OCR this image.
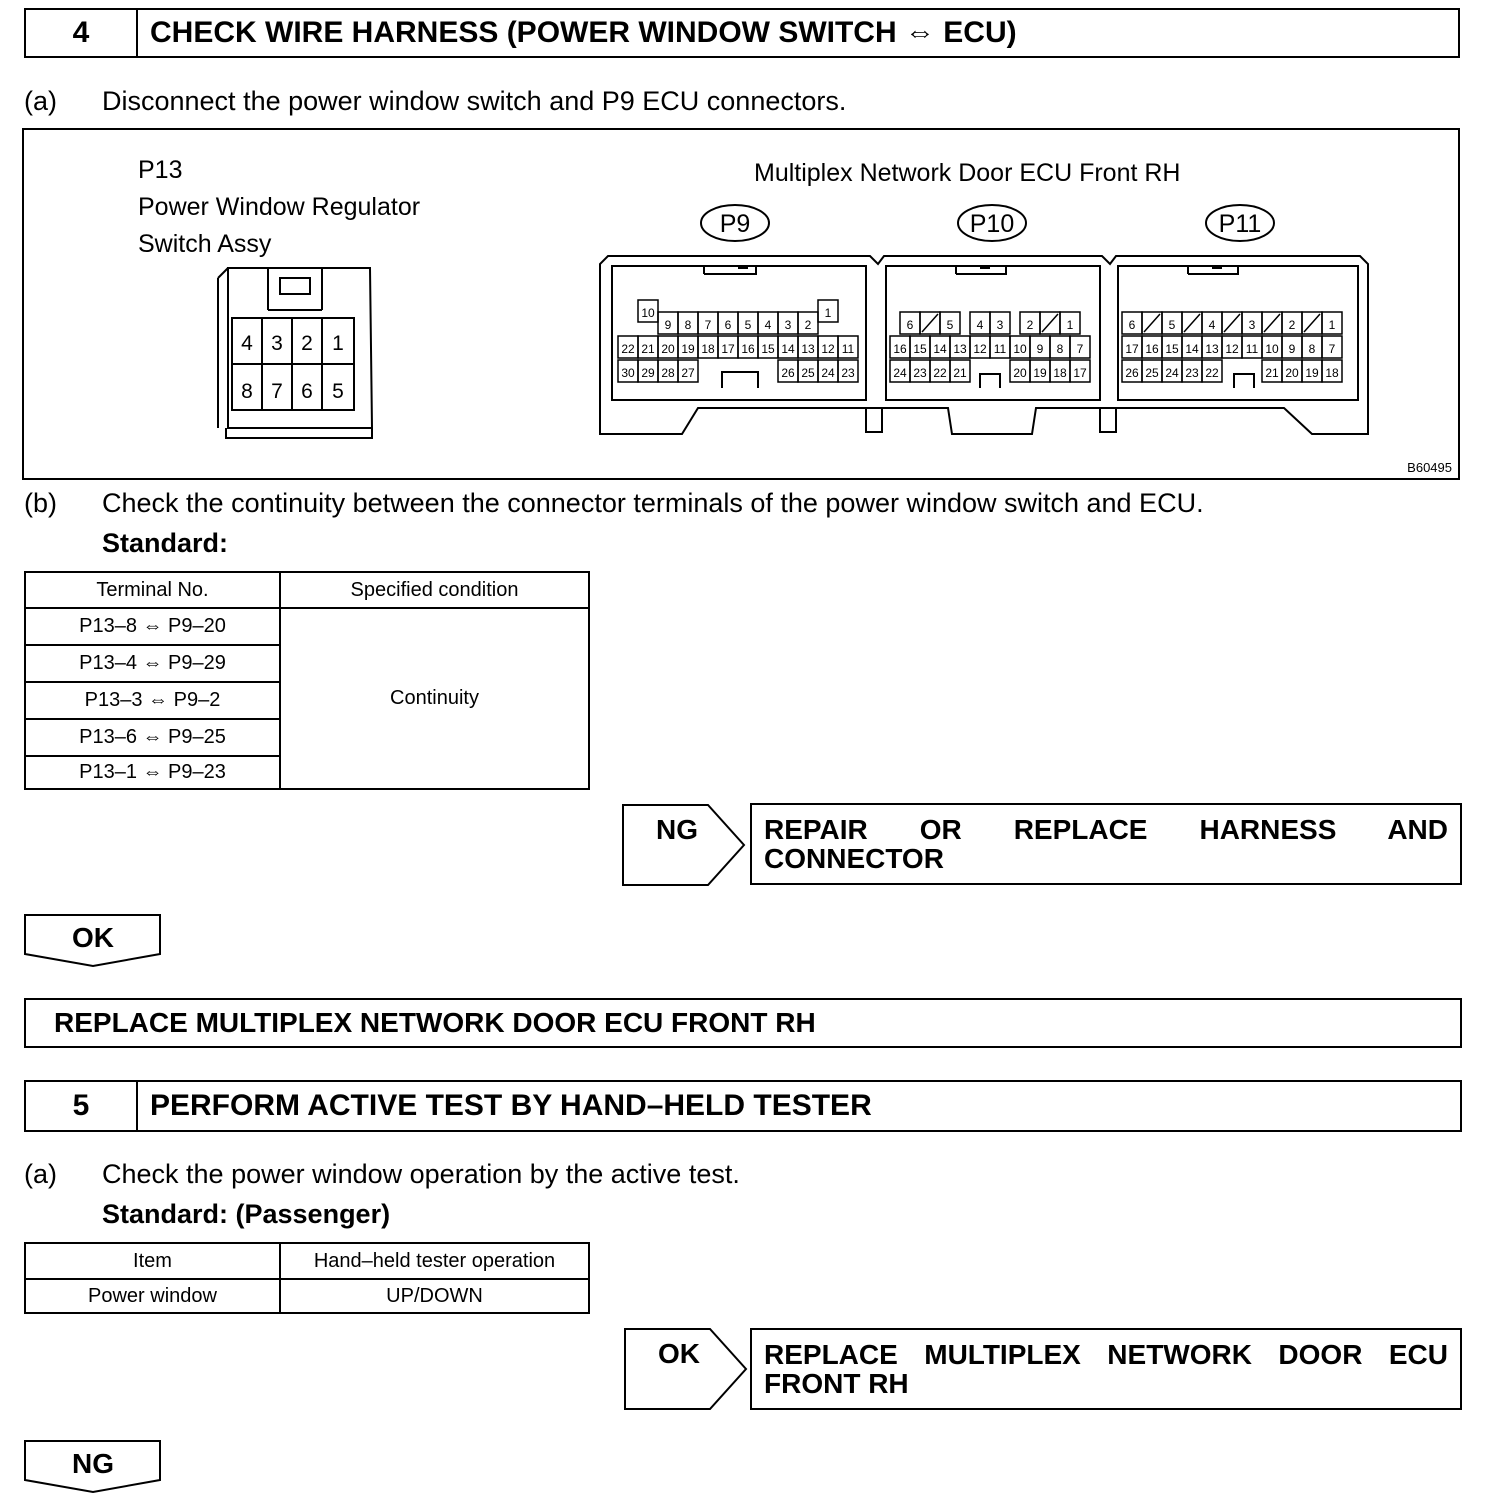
4	CHECK WIRE HARNESS (POWER WINDOW SWITCH ⇔ ECU)
(a) Disconnect the power window switch and P9 ECU connectors.
P13
Power Window Regulator
Switch Assy
4 3 2 1
8 7 6 5
Multiplex Network Door ECU Front RH
P9	P10	P11
10	1
9 8 7 6 5 4 3 2
22 21 20 19 18 17 16 15 14 13 12 11
30 29 28 27	26 25 24 23
6	5 4 3 2	1
16 15 14 13 12 11 10 9 8 7
24 23 22 21	20 19 18 17
6	5	4	3	2	1
17 16 15 14 13 12 11 10 9 8 7
26 25 24 23 22	21 20 19 18
B60495
(b) Check the continuity between the connector terminals of the power window switch and ECU.
Standard:
Terminal No.	Specified condition
P13–8 ⇔ P9–20	Continuity
P13–4 ⇔ P9–29	
P13–3 ⇔ P9–2	
P13–6 ⇔ P9–25	
P13–1 ⇔ P9–23	
NG	REPAIR OR REPLACE HARNESS AND CONNECTOR
OK
REPLACE MULTIPLEX NETWORK DOOR ECU FRONT RH
5	PERFORM ACTIVE TEST BY HAND–HELD TESTER
(a) Check the power window operation by the active test.
Standard: (Passenger)
Item	Hand–held tester operation
Power window	UP/DOWN
OK	REPLACE MULTIPLEX NETWORK DOOR ECU FRONT RH
NG
